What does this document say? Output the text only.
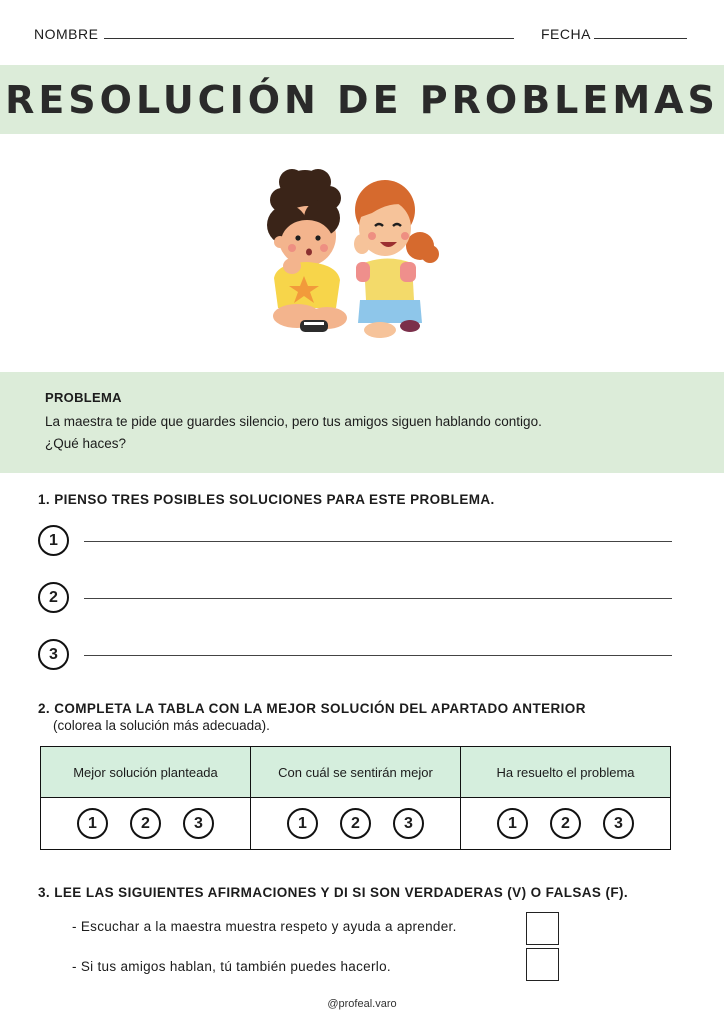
NOMBRE	FECHA
RESOLUCIÓN DE PROBLEMAS
PROBLEMA
La maestra te pide que guardes silencio, pero tus amigos siguen hablando contigo.
¿Qué haces?
1. PIENSO TRES POSIBLES SOLUCIONES PARA ESTE PROBLEMA.
1
2
3
2. COMPLETA LA TABLA CON LA MEJOR SOLUCIÓN DEL APARTADO ANTERIOR
(colorea la solución más adecuada).
Mejor solución planteada	Con cuál se sentirán mejor	Ha resuelto el problema
1 2 3	1 2 3	1 2 3
3. LEE LAS SIGUIENTES AFIRMACIONES Y DI SI SON VERDADERAS (V) O FALSAS (F).
- Escuchar a la maestra muestra respeto y ayuda a aprender.
- Si tus amigos hablan, tú también puedes hacerlo.
@profeal.varo
